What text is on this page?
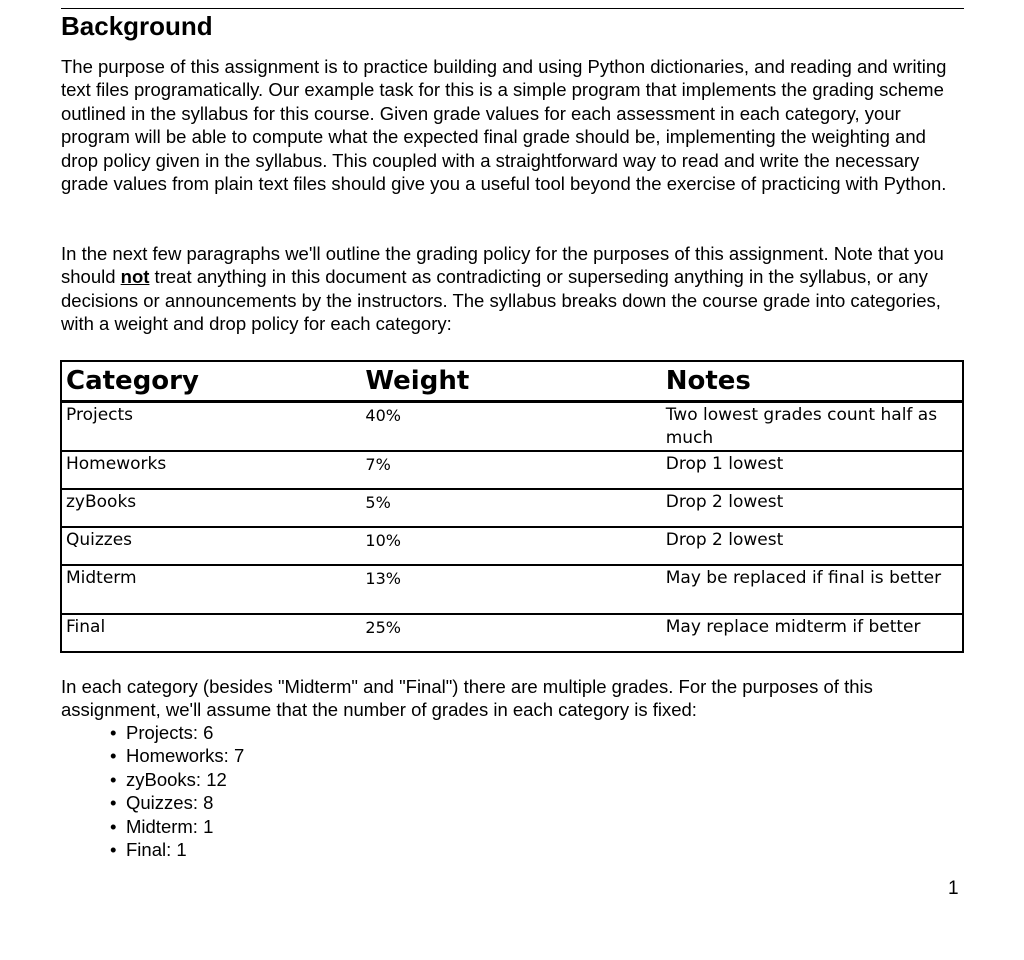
Background

The purpose of this assignment is to practice building and using Python dictionaries, and reading and writing text files programatically. Our example task for this is a simple program that implements the grading scheme outlined in the syllabus for this course. Given grade values for each assessment in each category, your program will be able to compute what the expected final grade should be, implementing the weighting and drop policy given in the syllabus. This coupled with a straightforward way to read and write the necessary grade values from plain text files should give you a useful tool beyond the exercise of practicing with Python.

In the next few paragraphs we'll outline the grading policy for the purposes of this assignment. Note that you should not treat anything in this document as contradicting or superseding anything in the syllabus, or any decisions or announcements by the instructors. The syllabus breaks down the course grade into categories, with a weight and drop policy for each category:

Category	Weight	Notes
Projects	40%	Two lowest grades count half as much
Homeworks	7%	Drop 1 lowest
zyBooks	5%	Drop 2 lowest
Quizzes	10%	Drop 2 lowest
Midterm	13%	May be replaced if final is better
Final	25%	May replace midterm if better

In each category (besides "Midterm" and "Final") there are multiple grades. For the purposes of this assignment, we'll assume that the number of grades in each category is fixed:

• Projects: 6
• Homeworks: 7
• zyBooks: 12
• Quizzes: 8
• Midterm: 1
• Final: 1
1
